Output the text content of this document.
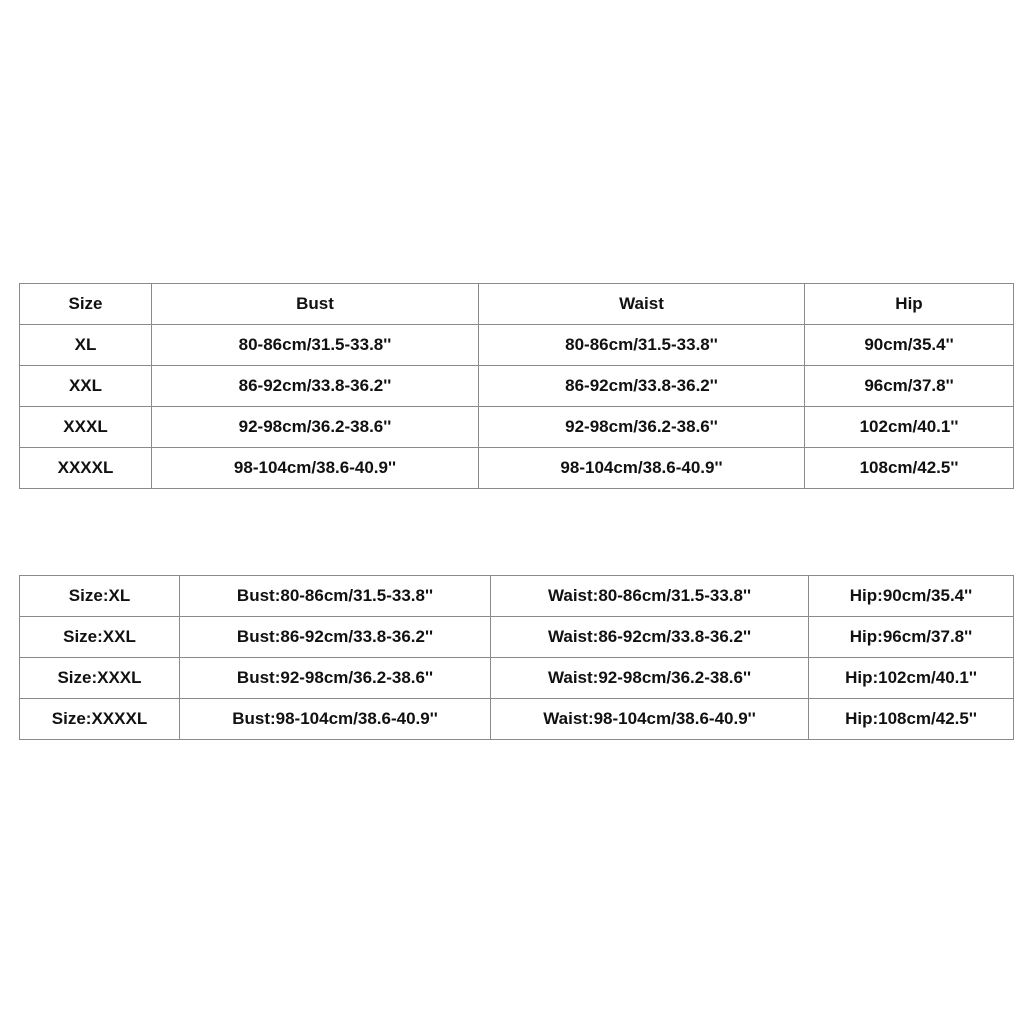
Size	Bust	Waist	Hip
XL	80-86cm/31.5-33.8''	80-86cm/31.5-33.8''	90cm/35.4''
XXL	86-92cm/33.8-36.2''	86-92cm/33.8-36.2''	96cm/37.8''
XXXL	92-98cm/36.2-38.6''	92-98cm/36.2-38.6''	102cm/40.1''
XXXXL	98-104cm/38.6-40.9''	98-104cm/38.6-40.9''	108cm/42.5''
Size:XL	Bust:80-86cm/31.5-33.8''	Waist:80-86cm/31.5-33.8''	Hip:90cm/35.4''
Size:XXL	Bust:86-92cm/33.8-36.2''	Waist:86-92cm/33.8-36.2''	Hip:96cm/37.8''
Size:XXXL	Bust:92-98cm/36.2-38.6''	Waist:92-98cm/36.2-38.6''	Hip:102cm/40.1''
Size:XXXXL	Bust:98-104cm/38.6-40.9''	Waist:98-104cm/38.6-40.9''	Hip:108cm/42.5''
